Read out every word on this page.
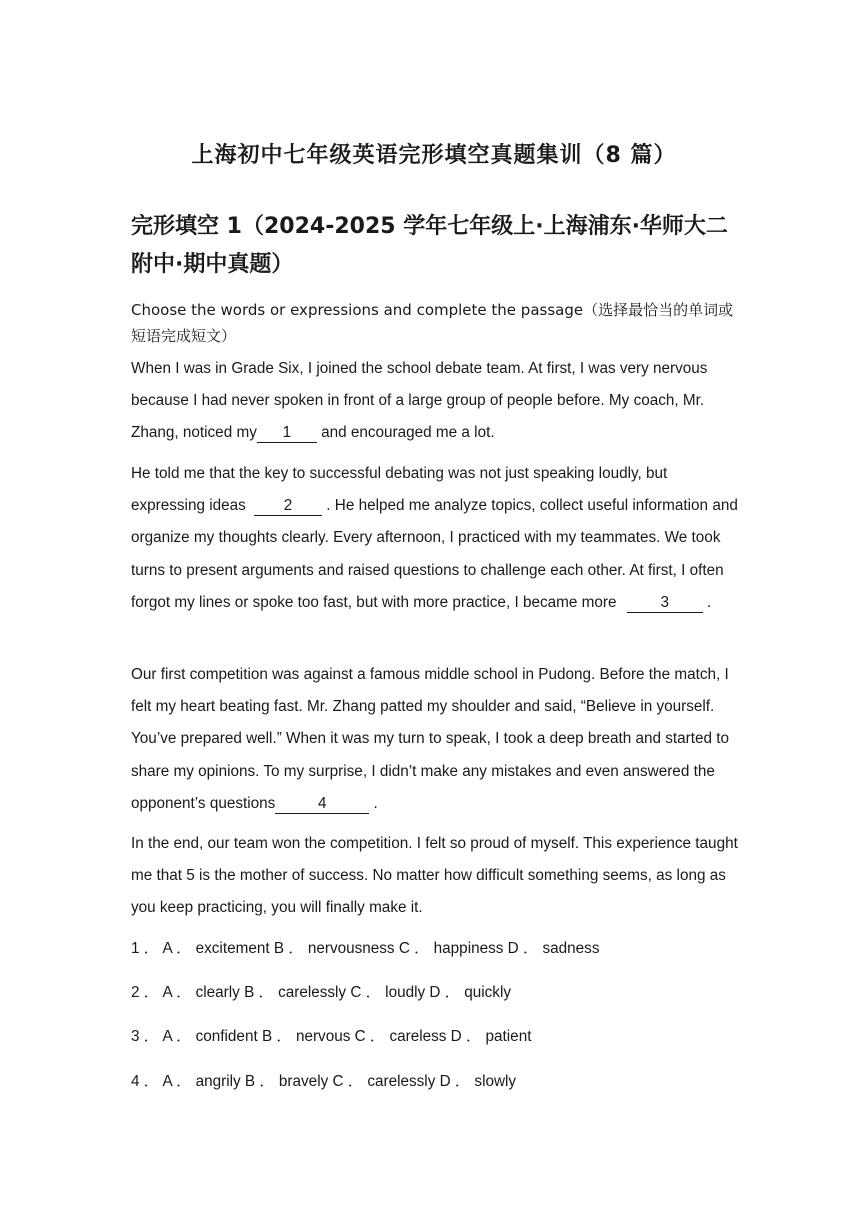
上海初中七年级英语完形填空真题集训（8 篇）
完形填空 1（2024-2025 学年七年级上·上海浦东·华师大二附中·期中真题）
Choose the words or expressions and complete the passage（选择最恰当的单词或短语完成短文）
When I was in Grade Six, I joined the school debate team. At first, I was very nervous because I had never spoken in front of a large group of people before. My coach, Mr. Zhang, noticed my 1 and encouraged me a lot.
He told me that the key to successful debating was not just speaking loudly, but expressing ideas 2 . He helped me analyze topics, collect useful information and organize my thoughts clearly. Every afternoon, I practiced with my teammates. We took turns to present arguments and raised questions to challenge each other. At first, I often forgot my lines or spoke too fast, but with more practice, I became more	3 .
Our first competition was against a famous middle school in Pudong. Before the match, I felt my heart beating fast. Mr. Zhang patted my shoulder and said, “Believe in yourself. You’ve prepared well.” When it was my turn to speak, I took a deep breath and started to share my opinions. To my surprise, I didn’t make any mistakes and even answered the opponent’s questions	4	.
In the end, our team won the competition. I felt so proud of myself. This experience taught me that 5 is the mother of success. No matter how difficult something seems, as long as you keep practicing, you will finally make it.
1 ． A ． excitement B ． nervousness C ． happiness D ． sadness
2 ． A ． clearly B ． carelessly C ． loudly D ． quickly
3 ． A ． confident B ． nervous C ． careless D ． patient
4 ． A ． angrily B ． bravely C ． carelessly D ． slowly
